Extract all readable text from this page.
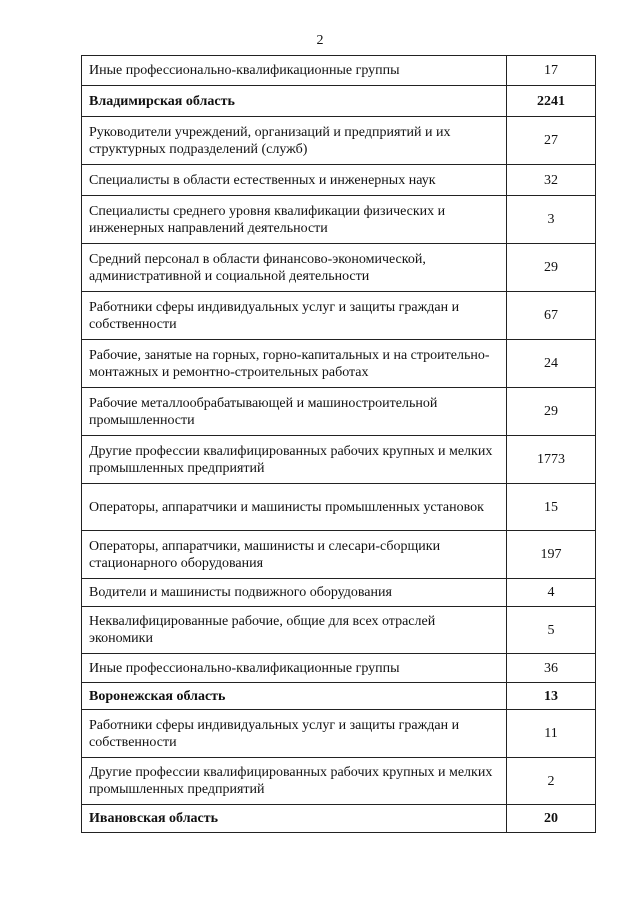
2
Иные профессионально-квалификационные группы	17
Владимирская область	2241
Руководители учреждений, организаций и предприятий и их структурных подразделений (служб)	27
Специалисты в области естественных и инженерных наук	32
Специалисты среднего уровня квалификации физических и инженерных направлений деятельности	3
Средний персонал в области финансово-экономической, административной и социальной деятельности	29
Работники сферы индивидуальных услуг и защиты граждан и собственности	67
Рабочие, занятые на горных, горно-капитальных и на строительно-монтажных и ремонтно-строительных работах	24
Рабочие металлообрабатывающей и машиностроительной промышленности	29
Другие профессии квалифицированных рабочих крупных и мелких промышленных предприятий	1773
Операторы, аппаратчики и машинисты промышленных установок	15
Операторы, аппаратчики, машинисты и слесари-сборщики стационарного оборудования	197
Водители и машинисты подвижного оборудования	4
Неквалифицированные рабочие, общие для всех отраслей экономики	5
Иные профессионально-квалификационные группы	36
Воронежская область	13
Работники сферы индивидуальных услуг и защиты граждан и собственности	11
Другие профессии квалифицированных рабочих крупных и мелких промышленных предприятий	2
Ивановская область	20
